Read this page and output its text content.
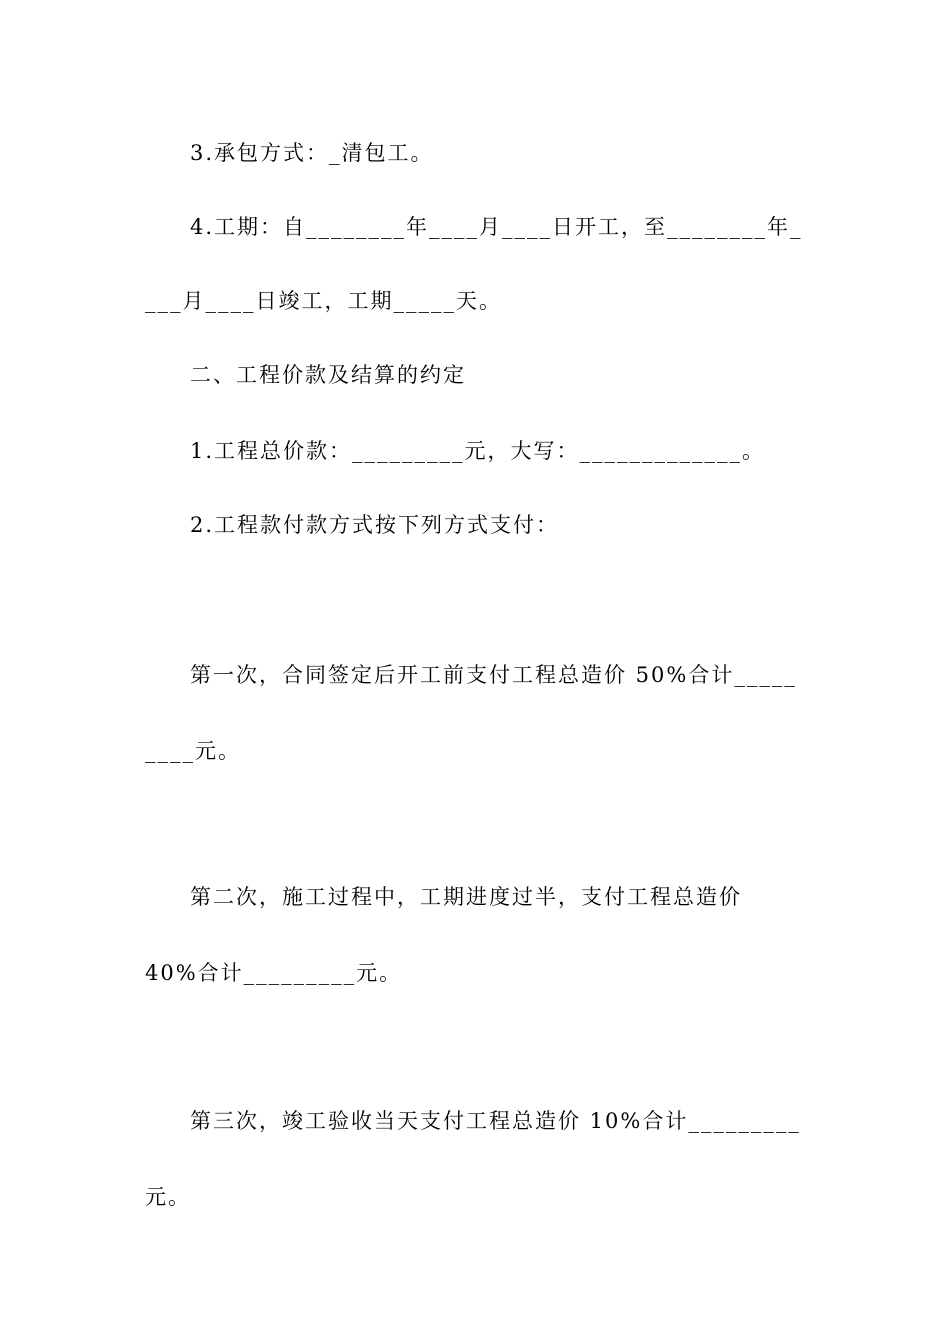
3.承包方式：_清包工。
4.工期：自________年____月____日开工，至________年_
___月____日竣工，工期_____天。
二、工程价款及结算的约定
1.工程总价款：_________元，大写：_____________。
2.工程款付款方式按下列方式支付：
第一次，合同签定后开工前支付工程总造价 50%合计_____
____元。
第二次，施工过程中，工期进度过半，支付工程总造价
40%合计_________元。
第三次，竣工验收当天支付工程总造价 10%合计_________
元。
